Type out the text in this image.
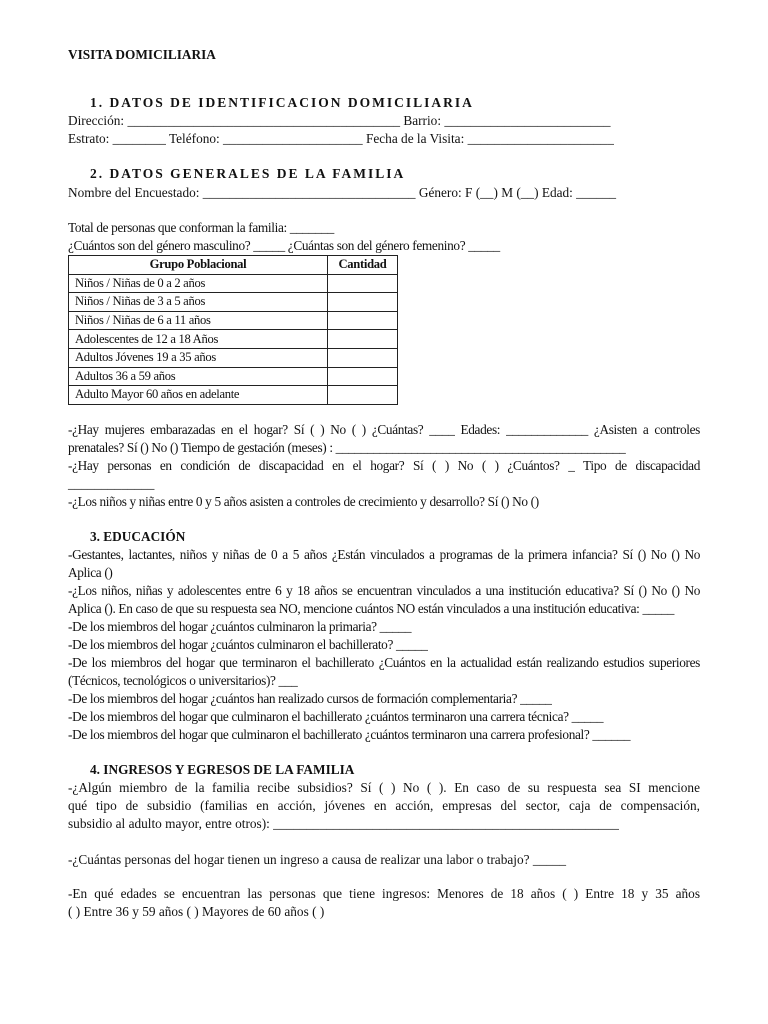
VISITA DOMICILIARIA
1. DATOS DE IDENTIFICACION DOMICILIARIA
Dirección: _________________________________________ Barrio: _________________________
Estrato: ________ Teléfono: _____________________ Fecha de la Visita: ______________________
2. DATOS GENERALES DE LA FAMILIA
Nombre del Encuestado: ________________________________ Género: F (__) M (__) Edad: ______
Total de personas que conforman la familia: _______
¿Cuántos son del género masculino? _____ ¿Cuántas son del género femenino? _____
Grupo Poblacional	Cantidad
Niños / Niñas de 0 a 2 años	
Niños / Niñas de 3 a 5 años	
Niños / Niñas de 6 a 11 años	
Adolescentes de 12 a 18 Años	
Adultos Jóvenes 19 a 35 años	
Adultos 36 a 59 años	
Adulto Mayor 60 años en adelante	
-¿Hay mujeres embarazadas en el hogar? Sí ( ) No ( ) ¿Cuántas? ____ Edades: _____________ ¿Asisten a controles
prenatales? Sí () No () Tiempo de gestación (meses) : ______________________________________________
-¿Hay personas en condición de discapacidad en el hogar? Sí ( ) No ( ) ¿Cuántos? _ Tipo de discapacidad
_____________
-¿Los niños y niñas entre 0 y 5 años asisten a controles de crecimiento y desarrollo? Sí () No ()
3. EDUCACIÓN
-Gestantes, lactantes, niños y niñas de 0 a 5 años ¿Están vinculados a programas de la primera infancia? Sí () No () No
Aplica ()
-¿Los niños, niñas y adolescentes entre 6 y 18 años se encuentran vinculados a una institución educativa? Sí () No () No
Aplica (). En caso de que su respuesta sea NO, mencione cuántos NO están vinculados a una institución educativa: _____
-De los miembros del hogar ¿cuántos culminaron la primaria? _____
-De los miembros del hogar ¿cuántos culminaron el bachillerato? _____
-De los miembros del hogar que terminaron el bachillerato ¿Cuántos en la actualidad están realizando estudios superiores
(Técnicos, tecnológicos o universitarios)? ___
-De los miembros del hogar ¿cuántos han realizado cursos de formación complementaria? _____
-De los miembros del hogar que culminaron el bachillerato ¿cuántos terminaron una carrera técnica? _____
-De los miembros del hogar que culminaron el bachillerato ¿cuántos terminaron una carrera profesional? ______
4. INGRESOS Y EGRESOS DE LA FAMILIA
-¿Algún miembro de la familia recibe subsidios? Sí ( ) No ( ). En caso de su respuesta sea SI mencione
qué tipo de subsidio (familias en acción, jóvenes en acción, empresas del sector, caja de compensación,
subsidio al adulto mayor, entre otros): ____________________________________________________
-¿Cuántas personas del hogar tienen un ingreso a causa de realizar una labor o trabajo? _____
-En qué edades se encuentran las personas que tiene ingresos: Menores de 18 años ( ) Entre 18 y 35 años
( ) Entre 36 y 59 años ( ) Mayores de 60 años ( )
